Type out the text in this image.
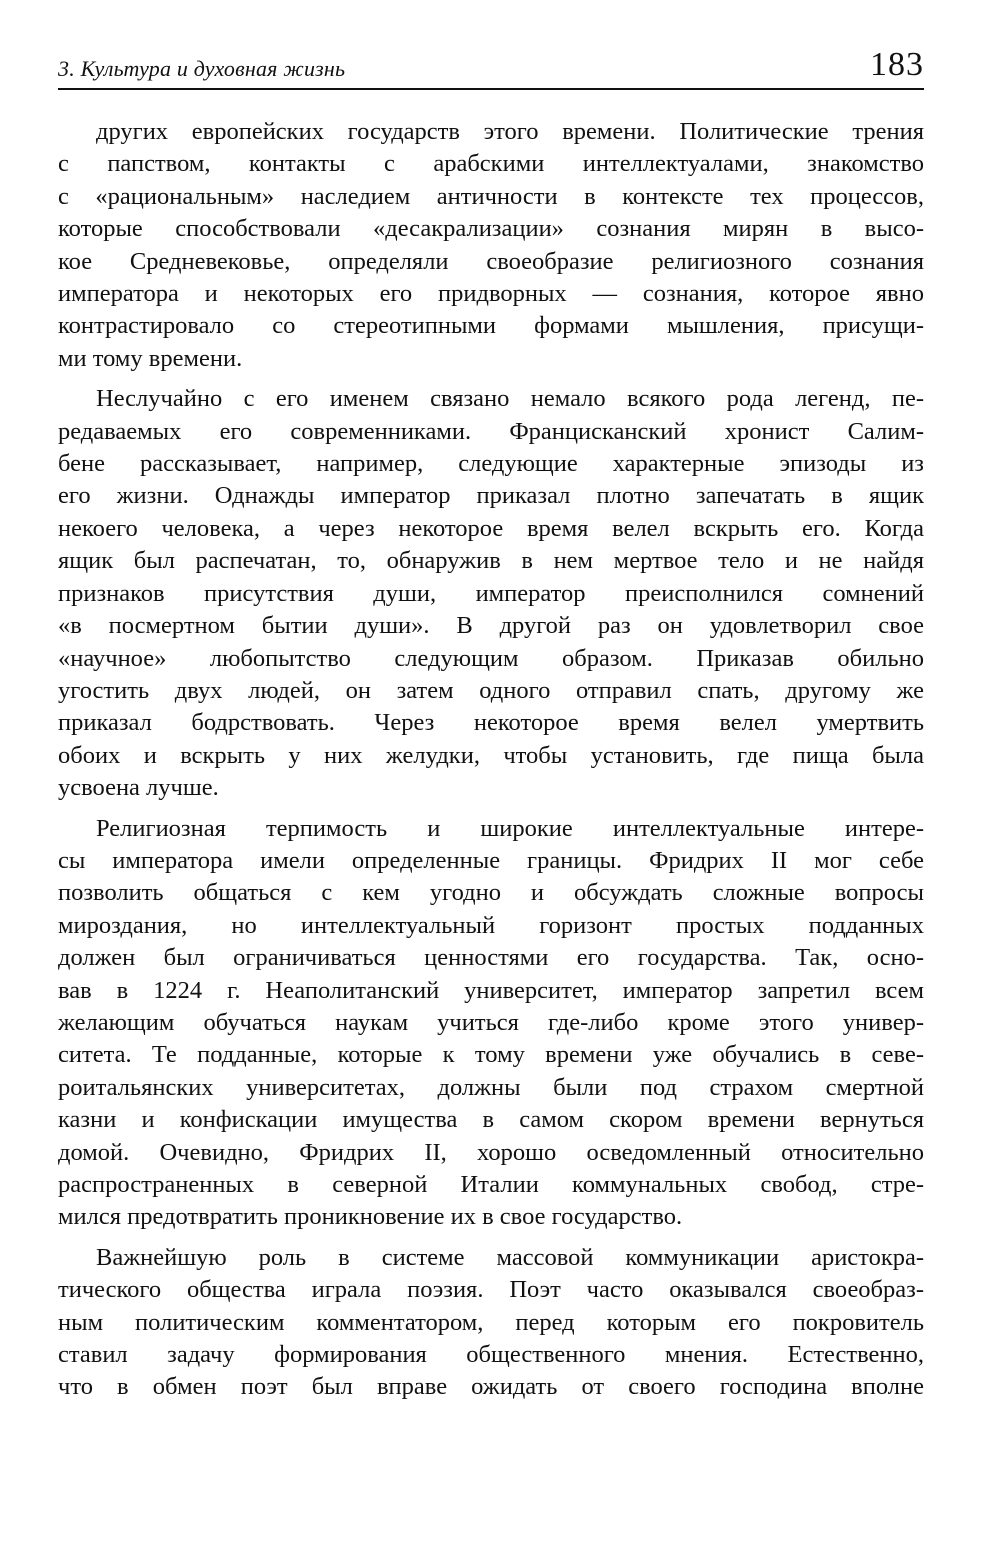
3. Культура и духовная жизнь	183

других европейских государств этого времени. Политические трения
с папством, контакты с арабскими интеллектуалами, знакомство
с «рациональным» наследием античности в контексте тех процессов,
которые способствовали «десакрализации» сознания мирян в высо-
кое Средневековье, определяли своеобразие религиозного сознания
императора и некоторых его придворных — сознания, которое явно
контрастировало со стереотипными формами мышления, присущи-
ми тому времени.

Неслучайно с его именем связано немало всякого рода легенд, пе-
редаваемых его современниками. Францисканский хронист Салим-
бене рассказывает, например, следующие характерные эпизоды из
его жизни. Однажды император приказал плотно запечатать в ящик
некоего человека, а через некоторое время велел вскрыть его. Когда
ящик был распечатан, то, обнаружив в нем мертвое тело и не найдя
признаков присутствия души, император преисполнился сомнений
«в посмертном бытии души». В другой раз он удовлетворил свое
«научное» любопытство следующим образом. Приказав обильно
угостить двух людей, он затем одного отправил спать, другому же
приказал бодрствовать. Через некоторое время велел умертвить
обоих и вскрыть у них желудки, чтобы установить, где пища была
усвоена лучше.

Религиозная терпимость и широкие интеллектуальные интере-
сы императора имели определенные границы. Фридрих II мог себе
позволить общаться с кем угодно и обсуждать сложные вопросы
мироздания, но интеллектуальный горизонт простых подданных
должен был ограничиваться ценностями его государства. Так, осно-
вав в 1224 г. Неаполитанский университет, император запретил всем
желающим обучаться наукам учиться где-либо кроме этого универ-
ситета. Те подданные, которые к тому времени уже обучались в севе-
роитальянских университетах, должны были под страхом смертной
казни и конфискации имущества в самом скором времени вернуться
домой. Очевидно, Фридрих II, хорошо осведомленный относительно
распространенных в северной Италии коммунальных свобод, стре-
мился предотвратить проникновение их в свое государство.

Важнейшую роль в системе массовой коммуникации аристокра-
тического общества играла поэзия. Поэт часто оказывался своеобраз-
ным политическим комментатором, перед которым его покровитель
ставил задачу формирования общественного мнения. Естественно,
что в обмен поэт был вправе ожидать от своего господина вполне
